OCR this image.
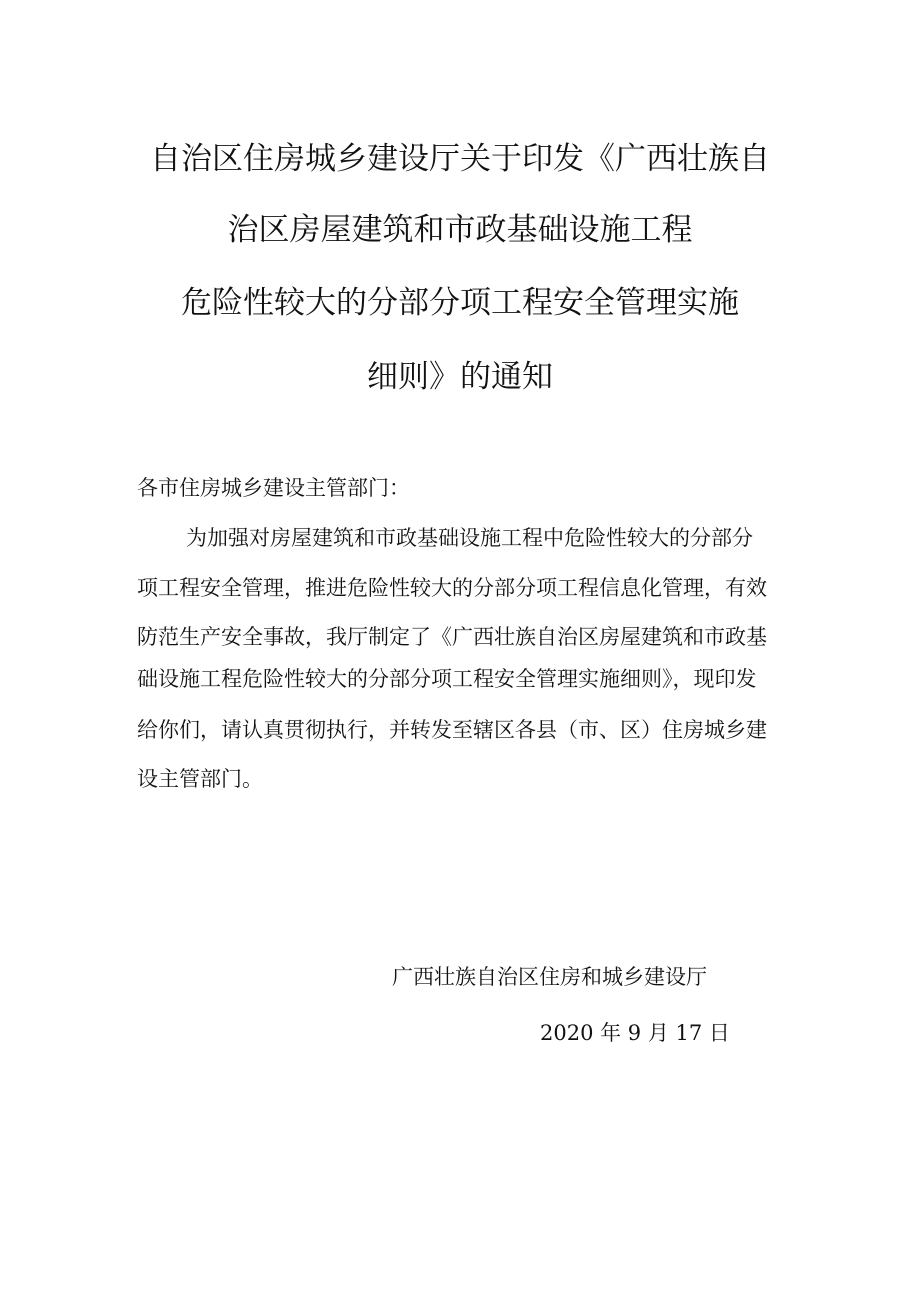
自治区住房城乡建设厅关于印发《广西壮族自
治区房屋建筑和市政基础设施工程
危险性较大的分部分项工程安全管理实施
细则》的通知
各市住房城乡建设主管部门：
为加强对房屋建筑和市政基础设施工程中危险性较大的分部分
项工程安全管理，推进危险性较大的分部分项工程信息化管理，有效
防范生产安全事故，我厅制定了《广西壮族自治区房屋建筑和市政基
础设施工程危险性较大的分部分项工程安全管理实施细则》，现印发
给你们，请认真贯彻执行，并转发至辖区各县（市、区）住房城乡建
设主管部门。
广西壮族自治区住房和城乡建设厅
2020 年 9 月 17 日
